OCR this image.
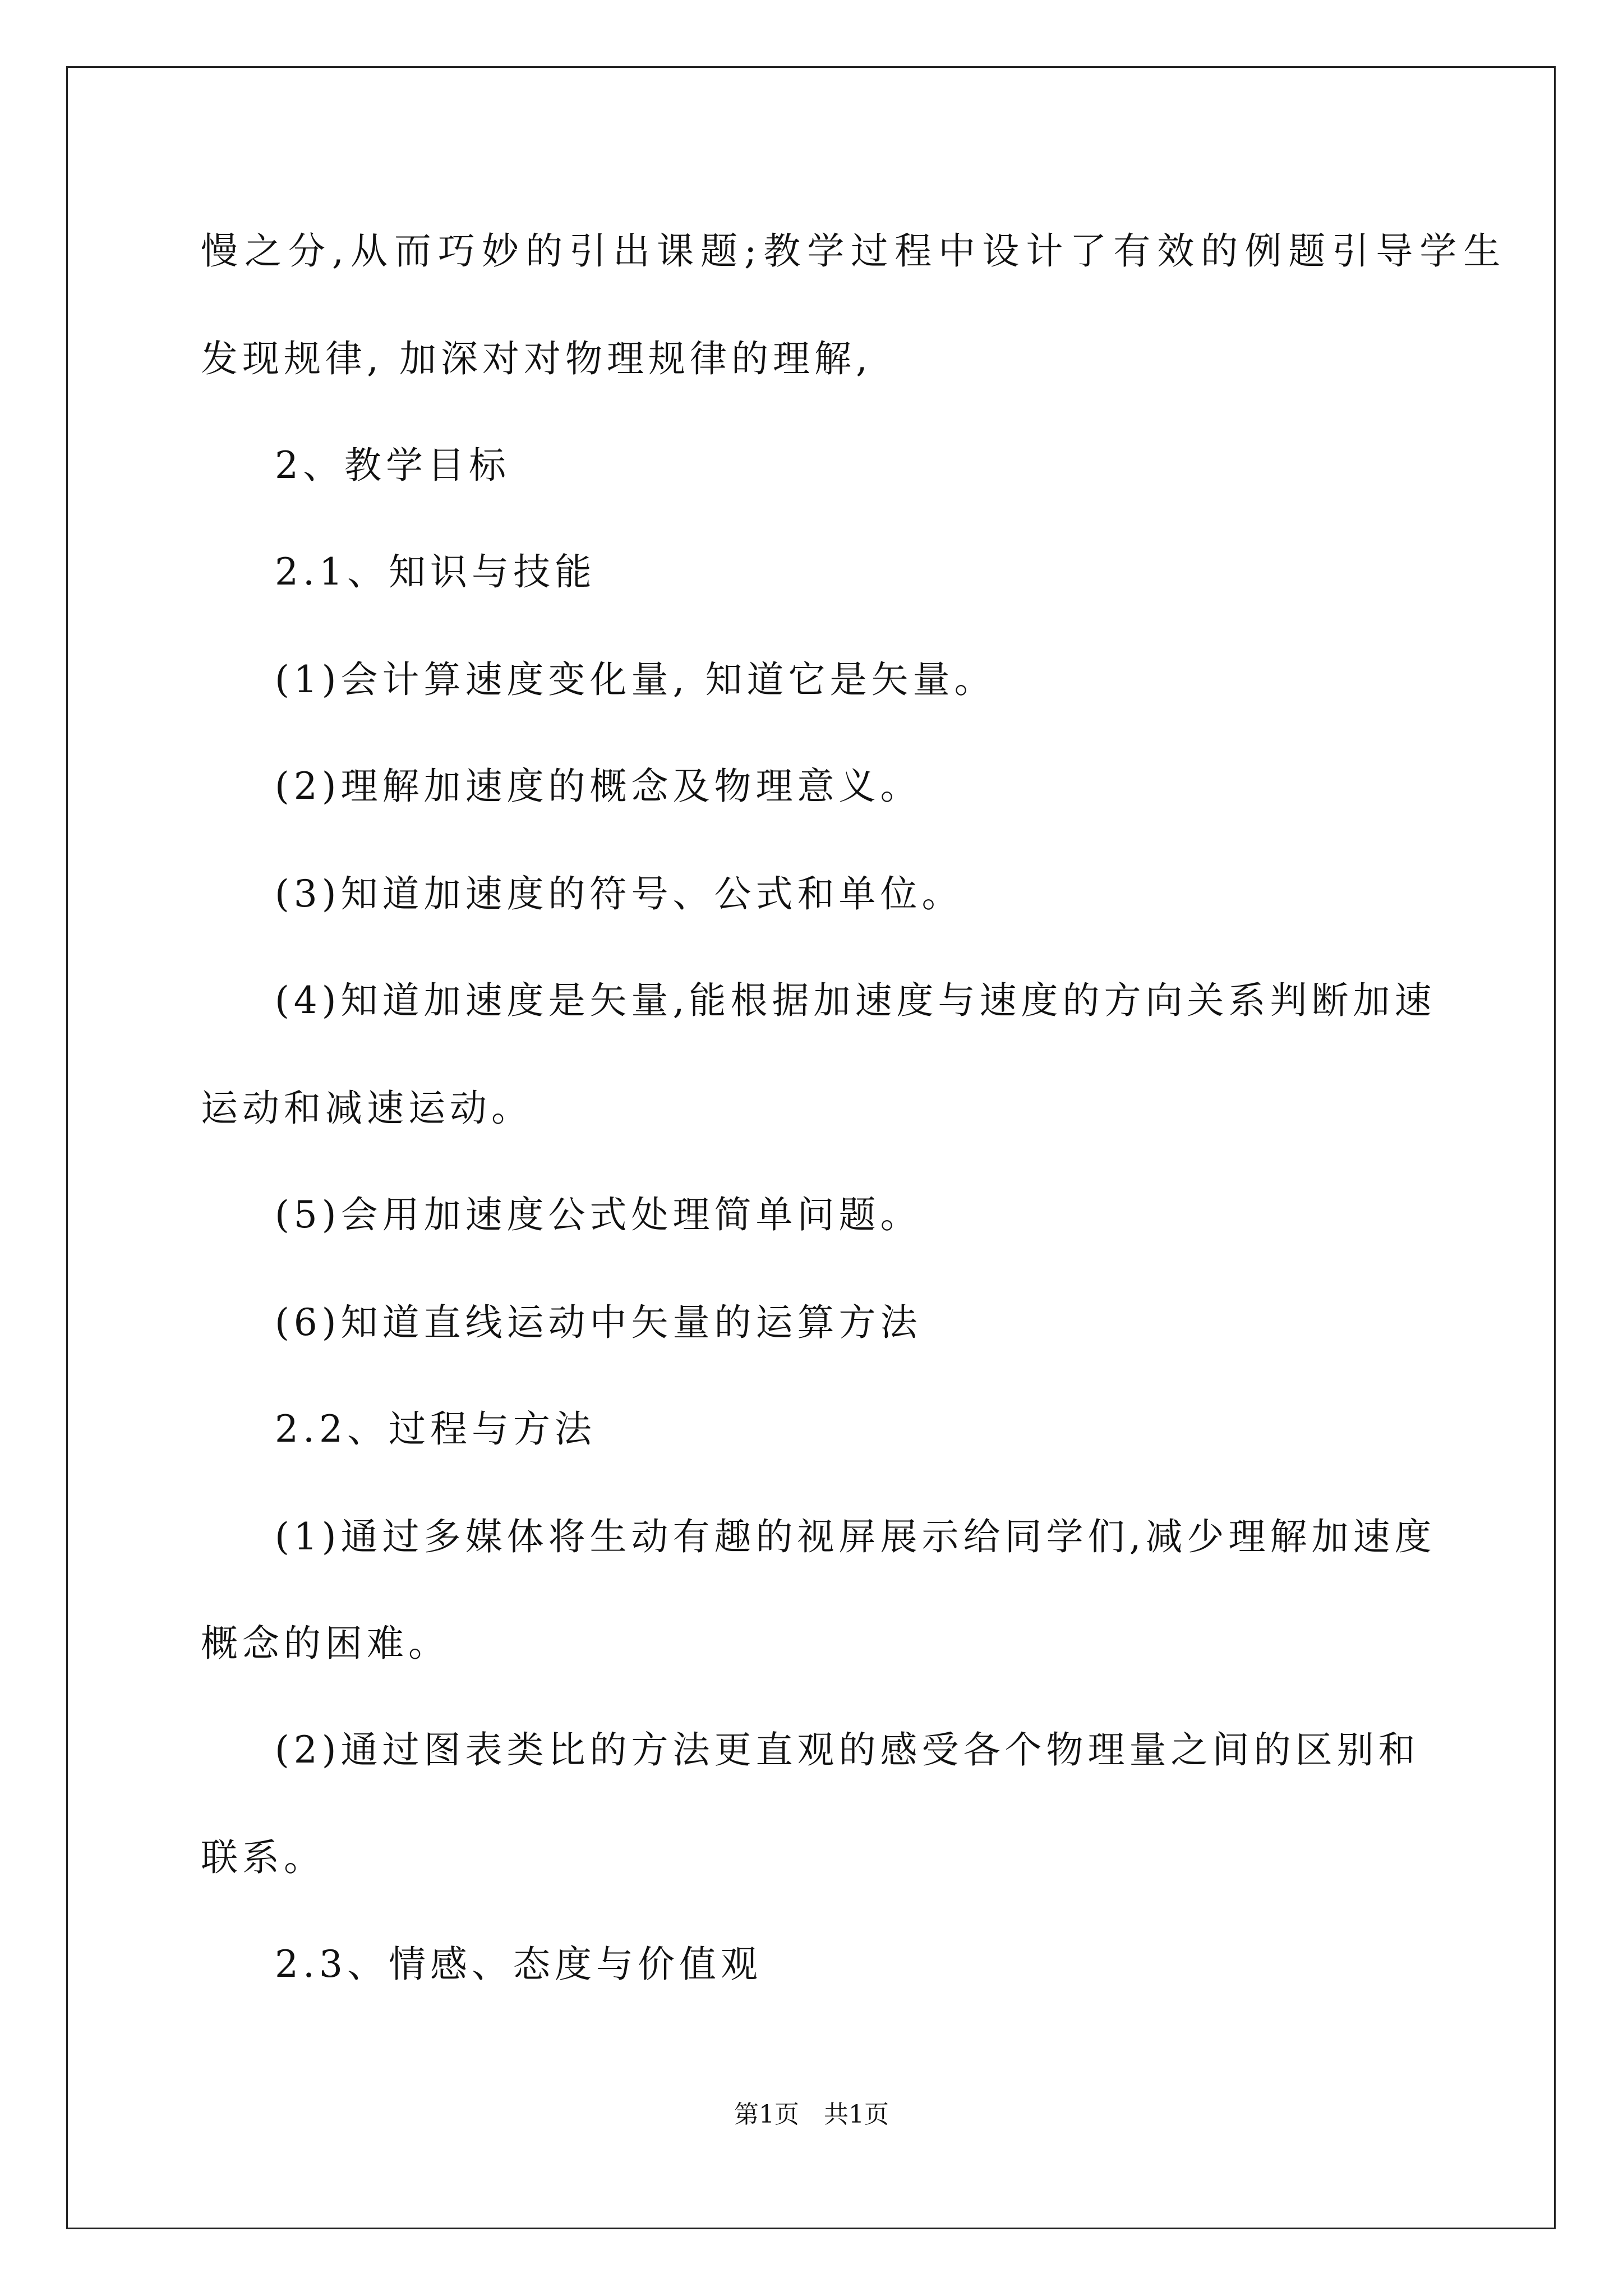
慢之分,从而巧妙的引出课题;教学过程中设计了有效的例题引导学生
发现规律, 加深对对物理规律的理解,
2、教学目标
2.1、知识与技能
(1)会计算速度变化量, 知道它是矢量。
(2)理解加速度的概念及物理意义。
(3)知道加速度的符号、公式和单位。
(4)知道加速度是矢量,能根据加速度与速度的方向关系判断加速
运动和减速运动。
(5)会用加速度公式处理简单问题。
(6)知道直线运动中矢量的运算方法
2.2、过程与方法
(1)通过多媒体将生动有趣的视屏展示给同学们,减少理解加速度
概念的困难。
(2)通过图表类比的方法更直观的感受各个物理量之间的区别和
联系。
2.3、情感、态度与价值观
第1页　共1页
